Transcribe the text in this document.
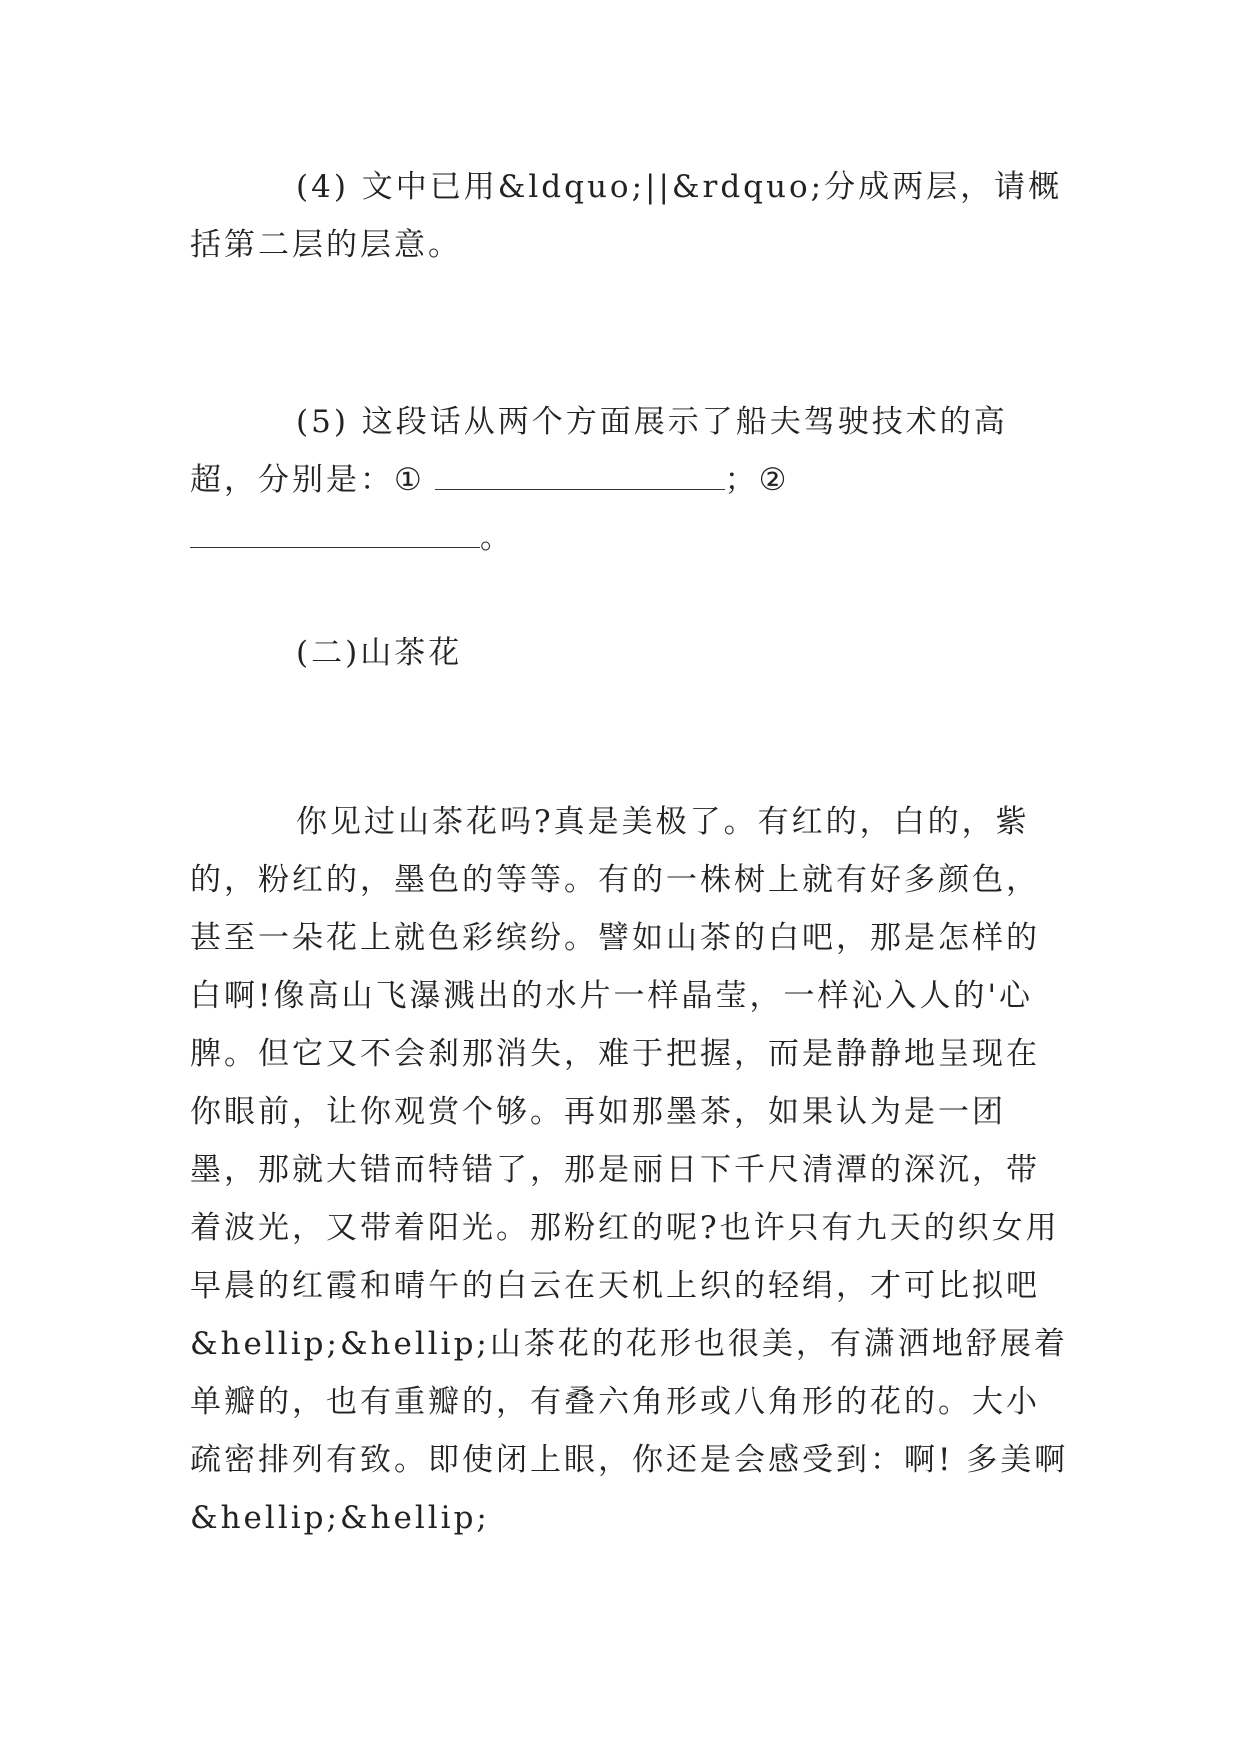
(4) 文中已用&ldquo;||&rdquo;分成两层，请概括第二层的层意。

(5) 这段话从两个方面展示了船夫驾驶技术的高超，分别是：①	；② 。

(二)山茶花

你见过山茶花吗?真是美极了。有红的，白的，紫的，粉红的，墨色的等等。有的一株树上就有好多颜色，甚至一朵花上就色彩缤纷。譬如山茶的白吧，那是怎样的白啊!像高山飞瀑溅出的水片一样晶莹，一样沁入人的'心脾。但它又不会刹那消失，难于把握，而是静静地呈现在你眼前，让你观赏个够。再如那墨茶，如果认为是一团墨，那就大错而特错了，那是丽日下千尺清潭的深沉，带着波光，又带着阳光。那粉红的呢?也许只有九天的织女用早晨的红霞和晴午的白云在天机上织的轻绢，才可比拟吧&hellip;&hellip;山茶花的花形也很美，有潇洒地舒展着单瓣的，也有重瓣的，有叠六角形或八角形的花的。大小疏密排列有致。即使闭上眼，你还是会感受到：啊! 多美啊&hellip;&hellip;
